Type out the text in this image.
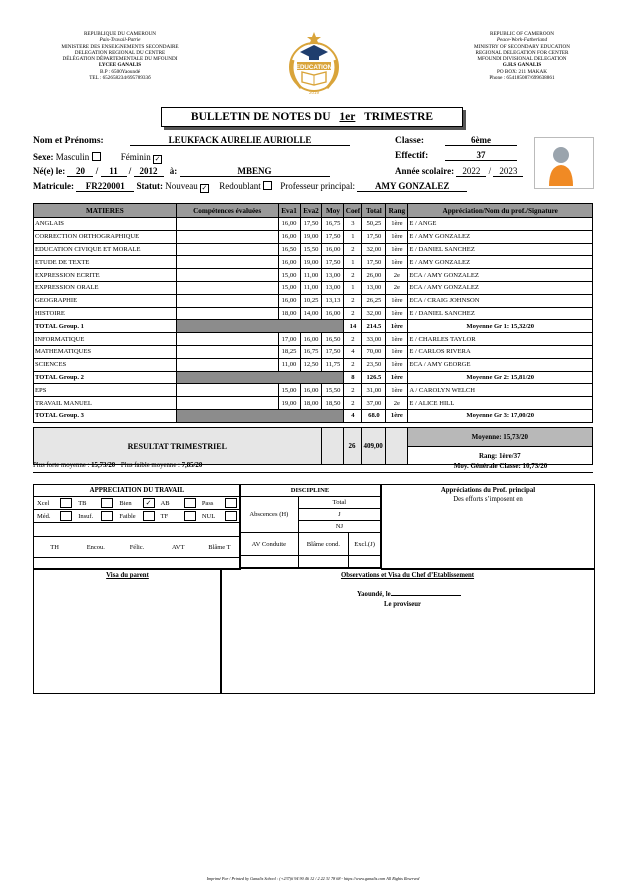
REPUBLIQUE DU CAMEROUN
Paix-Travail-Patrie
MINISTERE DES ENSEIGNEMENTS SECONDAIRE
DELEGATION REGIONAL DU CENTRE
DÉLÉGATION DÉPARTEMENTALE DU MFOUNDI
LYCEE GANALIS
B.P : 6500Yaoundé
TEL : 652658234/69578933б
EDUCATION
2019
REPUBLIC OF CAMEROON
Peace-Work-Fatherland
MINISTRY OF SECONDARY EDUCATION
REGIONAL DELEGATION FOR CENTER
MFOUNDI DIVISIONAL DELEGATION
G.H.S GANALIS
PO BOX: 211 MAKAK
Phone : 654185087/699638861
BULLETIN DE NOTES DU 1er TRIMESTRE
Nom et Prénoms:	LEUKFACK AURELIE AURIOLLE	Classe:	6ème
Sexe: Masculin	Féminin ✓	Effectif:	37
Né(e) le: 20 / 11 / 2012 à:	MBENG	Année scolaire: 2022 / 2023
Matricule: FR220001 Statut: Nouveau ✓ Redoublant Professeur principal: AMY GONZALEZ
MATIERES	Compétences évaluées	Eva1	Eva2	Moy	Coef	Total	Rang	Appréciation/Nom du prof./Signature
ANGLAIS		16,00	17,50	16,75	3	50,25	1ère	E / ANGE
CORRECTION ORTHOGRAPHIQUE		16,00	19,00	17,50	1	17,50	1ère	E / AMY GONZALEZ
EDUCATION CIVIQUE ET MORALE		16,50	15,50	16,00	2	32,00	1ère	E / DANIEL SANCHEZ
ETUDE DE TEXTE		16,00	19,00	17,50	1	17,50	1ère	E / AMY GONZALEZ
EXPRESSION ECRITE		15,00	11,00	13,00	2	26,00	2e	ECA / AMY GONZALEZ
EXPRESSION ORALE		15,00	11,00	13,00	1	13,00	2e	ECA / AMY GONZALEZ
GEOGRAPHIE		16,00	10,25	13,13	2	26,25	1ère	ECA / CRAIG JOHNSON
HISTOIRE		18,00	14,00	16,00	2	32,00	1ère	E / DANIEL SANCHEZ
TOTAL Group. 1					14	214.5	1ère	Moyenne Gr 1: 15,32/20
INFORMATIQUE		17,00	16,00	16,50	2	33,00	1ère	E / CHARLES TAYLOR
MATHEMATIQUES		18,25	16,75	17,50	4	70,00	1ère	E / CARLOS RIVERA
SCIENCES		11,00	12,50	11,75	2	23,50	1ère	ECA / AMY GEORGE
TOTAL Group. 2					8	126.5	1ère	Moyenne Gr 2: 15,81/20
EPS		15,00	16,00	15,50	2	31,00	1ère	A / CAROLYN WELCH
TRAVAIL MANUEL		19,00	18,00	18,50	2	37,00	2e	E / ALICE HILL
TOTAL Group. 3					4	68.0	1ère	Moyenne Gr 3: 17,00/20
RESULTAT TRIMESTRIEL		26	409,00		Moyenne: 15,73/20
Rang: 1ère/37
Plus forte moyenne : 15,73/20 Plus faible moyenne : 7,85/20	Moy. Générale Classe: 10,73/20
APPRECIATION DU TRAVAIL
Xcel	TB	Bien	✓	AB	Pass
Méd.	Insuf.	Faible	TF	NUL
TH	Encou.	Félic.	AVT	Blâme T
DISCIPLINE		
Abscences (H)	Total	
	J	
	NJ	
AV Conduite	Blâme cond.	Excl.(J)

Appréciations du Prof. principal
Des efforts s’imposent en
Visa du parent	Observations et Visa du Chef d’Etablissement
Yaoundé, le
Le proviseur
Imprimé Par / Printed by Ganalis School : (+237)6 94 90 46 12 / 2 22 31 78 68 - https://www.ganalis.com All Rights Reserved
